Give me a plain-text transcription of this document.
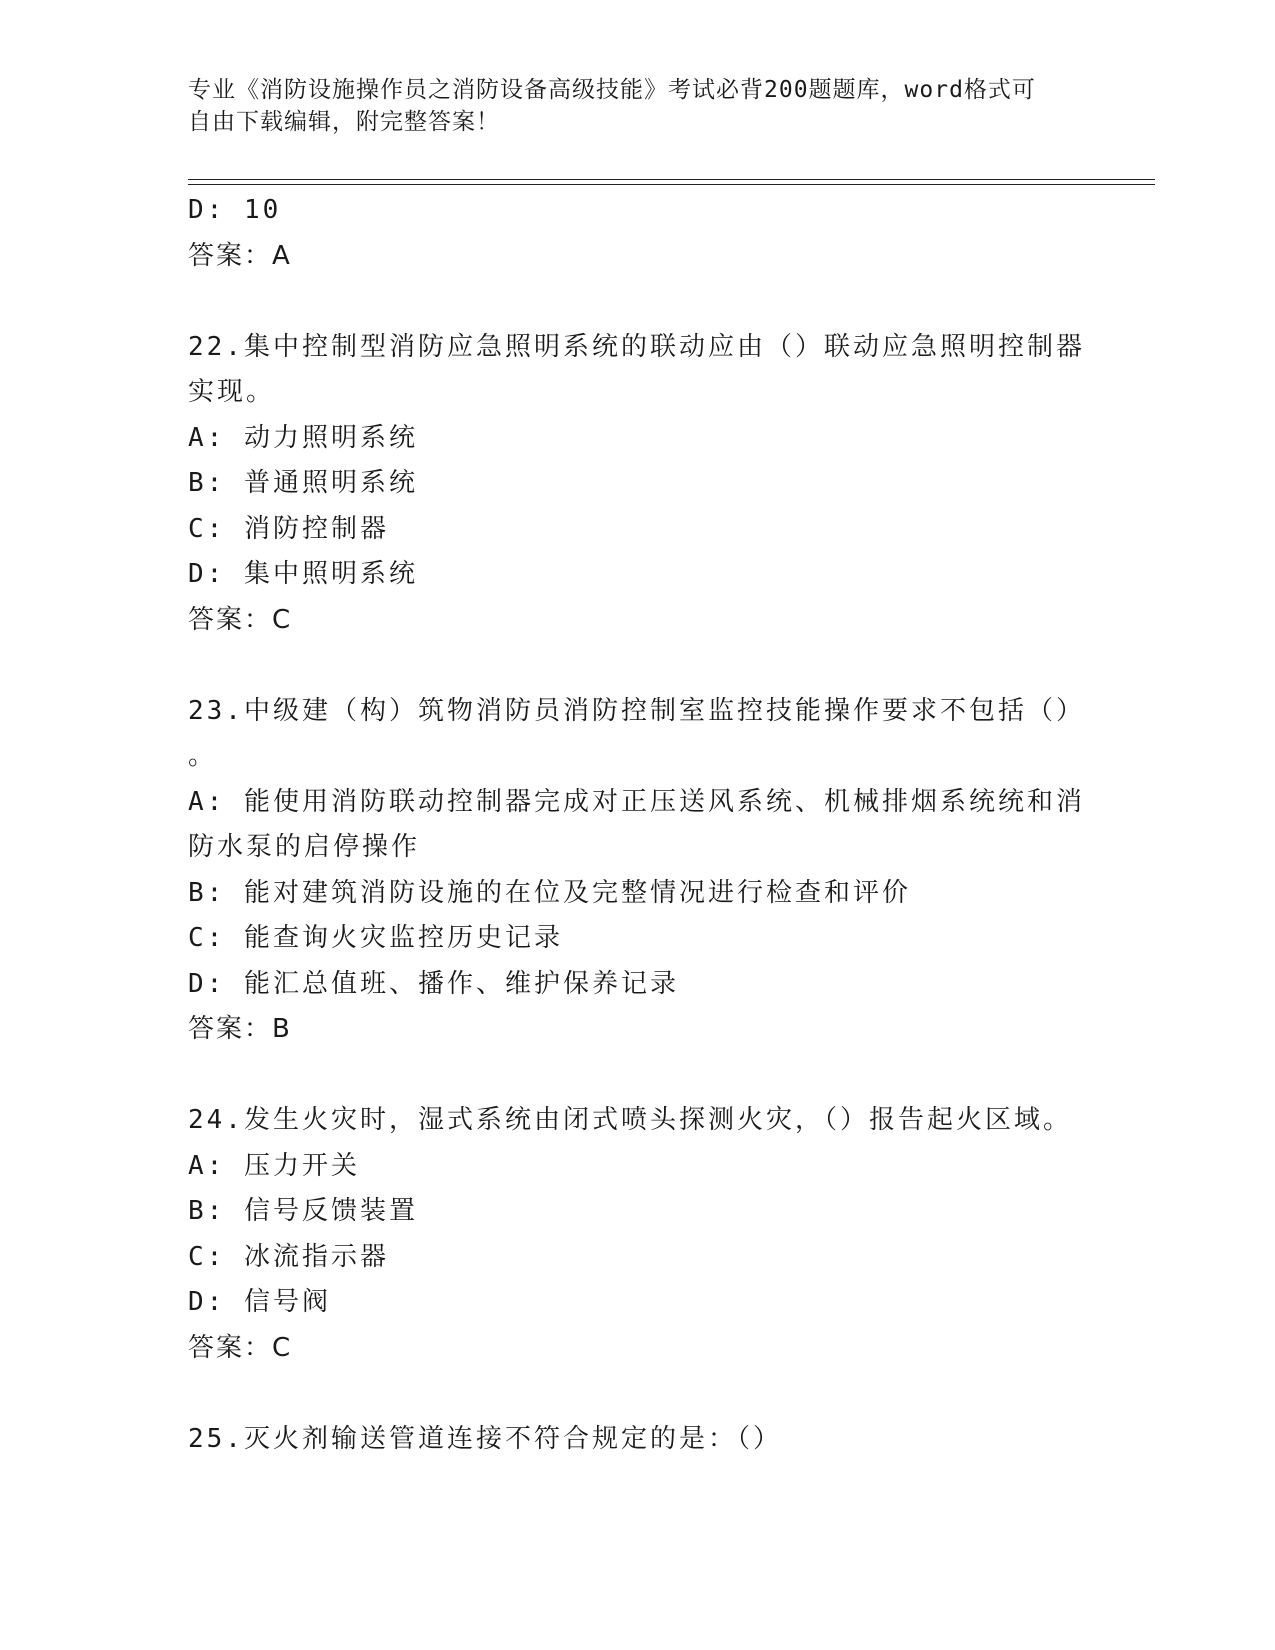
专业《消防设施操作员之消防设备高级技能》考试必背200题题库，word格式可
自由下载编辑，附完整答案！
D: 10
答案：A
22.集中控制型消防应急照明系统的联动应由（）联动应急照明控制器
实现。
A: 动力照明系统
B: 普通照明系统
C: 消防控制器
D: 集中照明系统
答案：C
23.中级建（构）筑物消防员消防控制室监控技能操作要求不包括（）
。
A: 能使用消防联动控制器完成对正压送风系统、机械排烟系统统和消
防水泵的启停操作
B: 能对建筑消防设施的在位及完整情况进行检查和评价
C: 能查询火灾监控历史记录
D: 能汇总值班、播作、维护保养记录
答案：B
24.发生火灾时，湿式系统由闭式喷头探测火灾，（）报告起火区域。
A: 压力开关
B: 信号反馈装置
C: 冰流指示器
D: 信号阀
答案：C
25.灭火剂输送管道连接不符合规定的是：（）
